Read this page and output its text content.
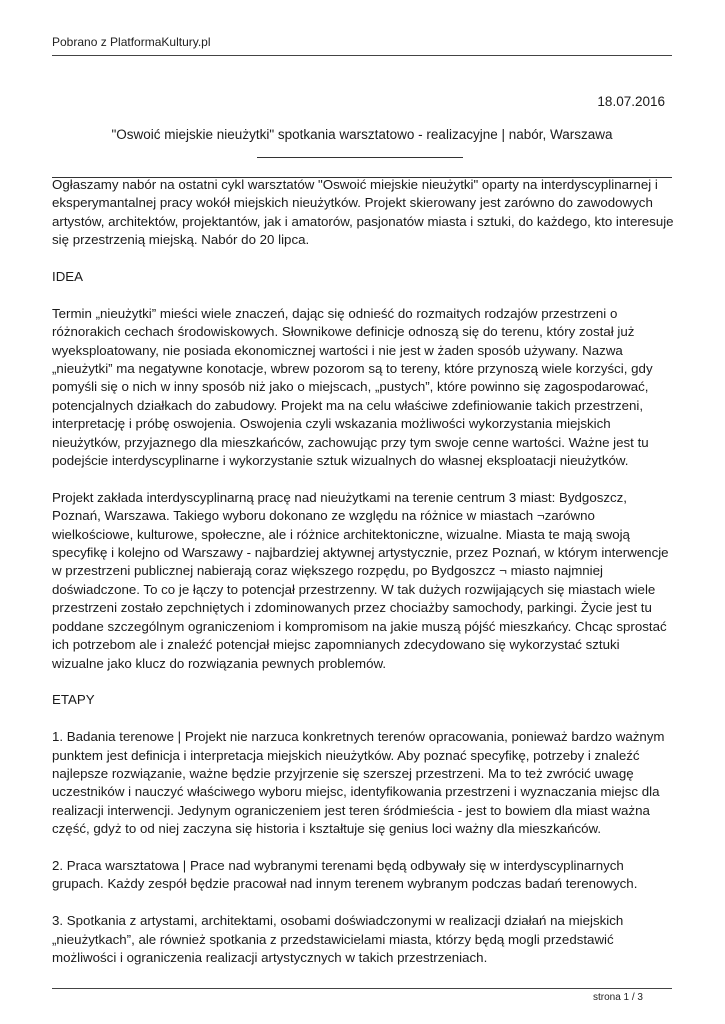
Pobrano z PlatformaKultury.pl
18.07.2016
"Oswoić miejskie nieużytki" spotkania warsztatowo - realizacyjne | nabór, Warszawa

Ogłaszamy nabór na ostatni cykl warsztatów "Oswoić miejskie nieużytki" oparty na interdyscyplinarnej i eksperymantalnej pracy wokół miejskich nieużytków. Projekt skierowany jest zarówno do zawodowych artystów, architektów, projektantów, jak i amatorów, pasjonatów miasta i sztuki, do każdego, kto interesuje się przestrzenią miejską. Nabór do 20 lipca.

IDEA

Termin „nieużytki” mieści wiele znaczeń, dając się odnieść do rozmaitych rodzajów przestrzeni o różnorakich cechach środowiskowych. Słownikowe definicje odnoszą się do terenu, który został już wyeksploatowany, nie posiada ekonomicznej wartości i nie jest w żaden sposób używany. Nazwa „nieużytki” ma negatywne konotacje, wbrew pozorom są to tereny, które przynoszą wiele korzyści, gdy pomyśli się o nich w inny sposób niż jako o miejscach, „pustych”, które powinno się zagospodarować, potencjalnych działkach do zabudowy. Projekt ma na celu właściwe zdefiniowanie takich przestrzeni, interpretację i próbę oswojenia. Oswojenia czyli wskazania możliwości wykorzystania miejskich nieużytków, przyjaznego dla mieszkańców, zachowując przy tym swoje cenne wartości. Ważne jest tu podejście interdyscyplinarne i wykorzystanie sztuk wizualnych do własnej eksploatacji nieużytków.

Projekt zakłada interdyscyplinarną pracę nad nieużytkami na terenie centrum 3 miast: Bydgoszcz, Poznań, Warszawa. Takiego wyboru dokonano ze względu na różnice w miastach ¬zarówno wielkościowe, kulturowe, społeczne, ale i różnice architektoniczne, wizualne. Miasta te mają swoją specyfikę i kolejno od Warszawy - najbardziej aktywnej artystycznie, przez Poznań, w którym interwencje w przestrzeni publicznej nabierają coraz większego rozpędu, po Bydgoszcz ¬ miasto najmniej doświadczone. To co je łączy to potencjał przestrzenny. W tak dużych rozwijających się miastach wiele przestrzeni zostało zepchniętych i zdominowanych przez chociażby samochody, parkingi. Życie jest tu poddane szczególnym ograniczeniom i kompromisom na jakie muszą pójść mieszkańcy. Chcąc sprostać ich potrzebom ale i znaleźć potencjał miejsc zapomnianych zdecydowano się wykorzystać sztuki wizualne jako klucz do rozwiązania pewnych problemów.

ETAPY

1. Badania terenowe | Projekt nie narzuca konkretnych terenów opracowania, ponieważ bardzo ważnym punktem jest definicja i interpretacja miejskich nieużytków. Aby poznać specyfikę, potrzeby i znaleźć najlepsze rozwiązanie, ważne będzie przyjrzenie się szerszej przestrzeni. Ma to też zwrócić uwagę uczestników i nauczyć właściwego wyboru miejsc, identyfikowania przestrzeni i wyznaczania miejsc dla realizacji interwencji. Jedynym ograniczeniem jest teren śródmieścia - jest to bowiem dla miast ważna część, gdyż to od niej zaczyna się historia i kształtuje się genius loci ważny dla mieszkańców.

2. Praca warsztatowa | Prace nad wybranymi terenami będą odbywały się w interdyscyplinarnych grupach. Każdy zespół będzie pracował nad innym terenem wybranym podczas badań terenowych.

3. Spotkania z artystami, architektami, osobami doświadczonymi w realizacji działań na miejskich „nieużytkach”, ale również spotkania z przedstawicielami miasta, którzy będą mogli przedstawić możliwości i ograniczenia realizacji artystycznych w takich przestrzeniach.

strona 1 / 3
